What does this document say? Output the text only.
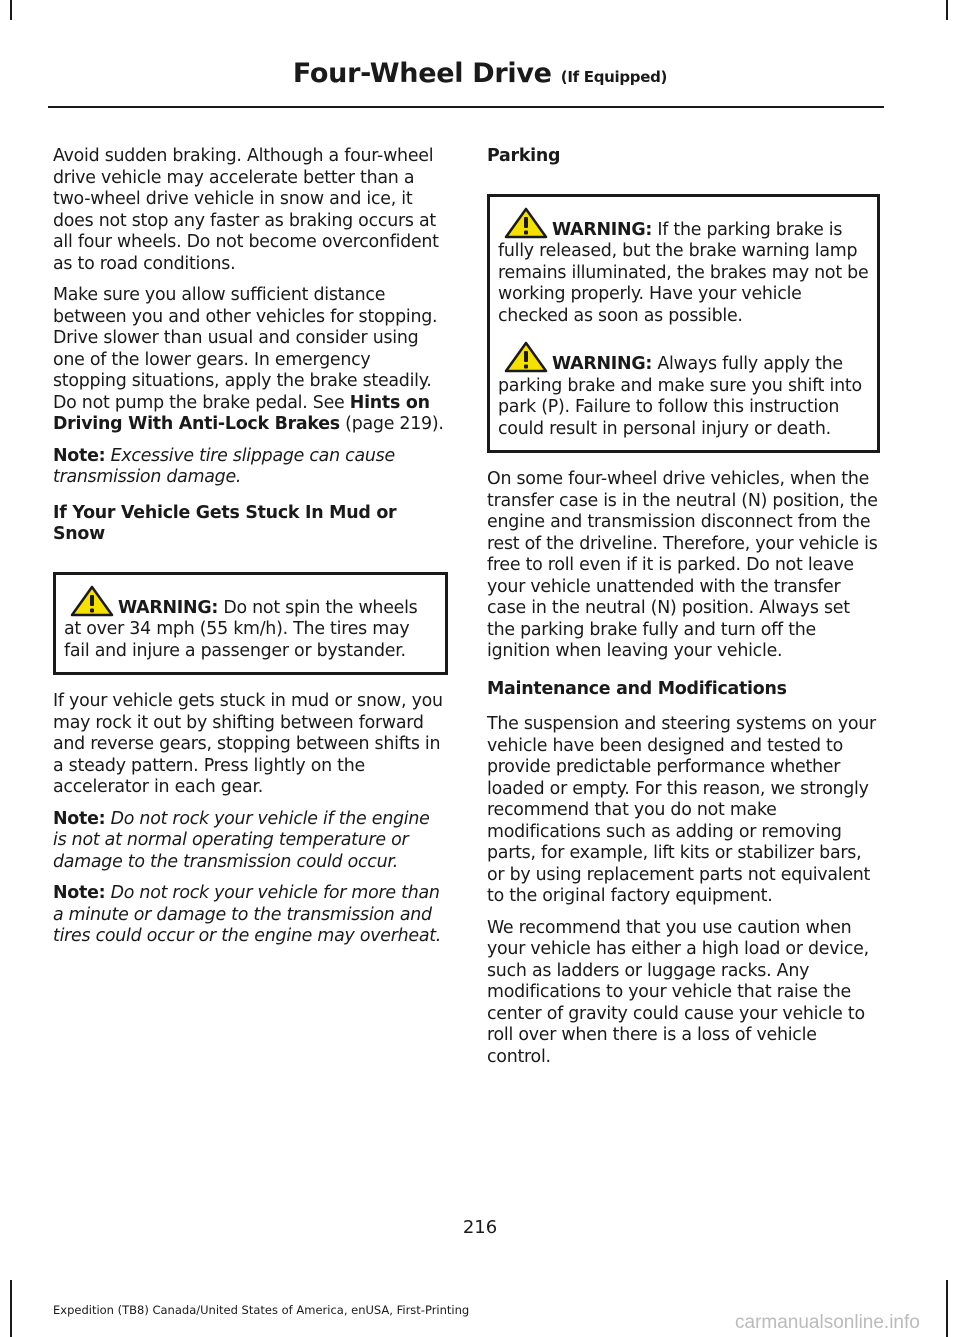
Four-Wheel Drive (If Equipped)

Avoid sudden braking. Although a four-wheel drive vehicle may accelerate better than a two-wheel drive vehicle in snow and ice, it does not stop any faster as braking occurs at all four wheels. Do not become overconfident as to road conditions.

Make sure you allow sufficient distance between you and other vehicles for stopping. Drive slower than usual and consider using one of the lower gears. In emergency stopping situations, apply the brake steadily. Do not pump the brake pedal. See Hints on Driving With Anti-Lock Brakes (page 219).

Note: Excessive tire slippage can cause transmission damage.

If Your Vehicle Gets Stuck In Mud or Snow

WARNING: Do not spin the wheels at over 34 mph (55 km/h). The tires may fail and injure a passenger or bystander.

If your vehicle gets stuck in mud or snow, you may rock it out by shifting between forward and reverse gears, stopping between shifts in a steady pattern. Press lightly on the accelerator in each gear.

Note: Do not rock your vehicle if the engine is not at normal operating temperature or damage to the transmission could occur.

Note: Do not rock your vehicle for more than a minute or damage to the transmission and tires could occur or the engine may overheat.

Parking

WARNING: If the parking brake is fully released, but the brake warning lamp remains illuminated, the brakes may not be working properly. Have your vehicle checked as soon as possible.

WARNING: Always fully apply the parking brake and make sure you shift into park (P). Failure to follow this instruction could result in personal injury or death.

On some four-wheel drive vehicles, when the transfer case is in the neutral (N) position, the engine and transmission disconnect from the rest of the driveline. Therefore, your vehicle is free to roll even if it is parked. Do not leave your vehicle unattended with the transfer case in the neutral (N) position. Always set the parking brake fully and turn off the ignition when leaving your vehicle.

Maintenance and Modifications

The suspension and steering systems on your vehicle have been designed and tested to provide predictable performance whether loaded or empty. For this reason, we strongly recommend that you do not make modifications such as adding or removing parts, for example, lift kits or stabilizer bars, or by using replacement parts not equivalent to the original factory equipment.

We recommend that you use caution when your vehicle has either a high load or device, such as ladders or luggage racks. Any modifications to your vehicle that raise the center of gravity could cause your vehicle to roll over when there is a loss of vehicle control.

216
Expedition (TB8) Canada/United States of America, enUSA, First-Printing
carmanualsonline.info
